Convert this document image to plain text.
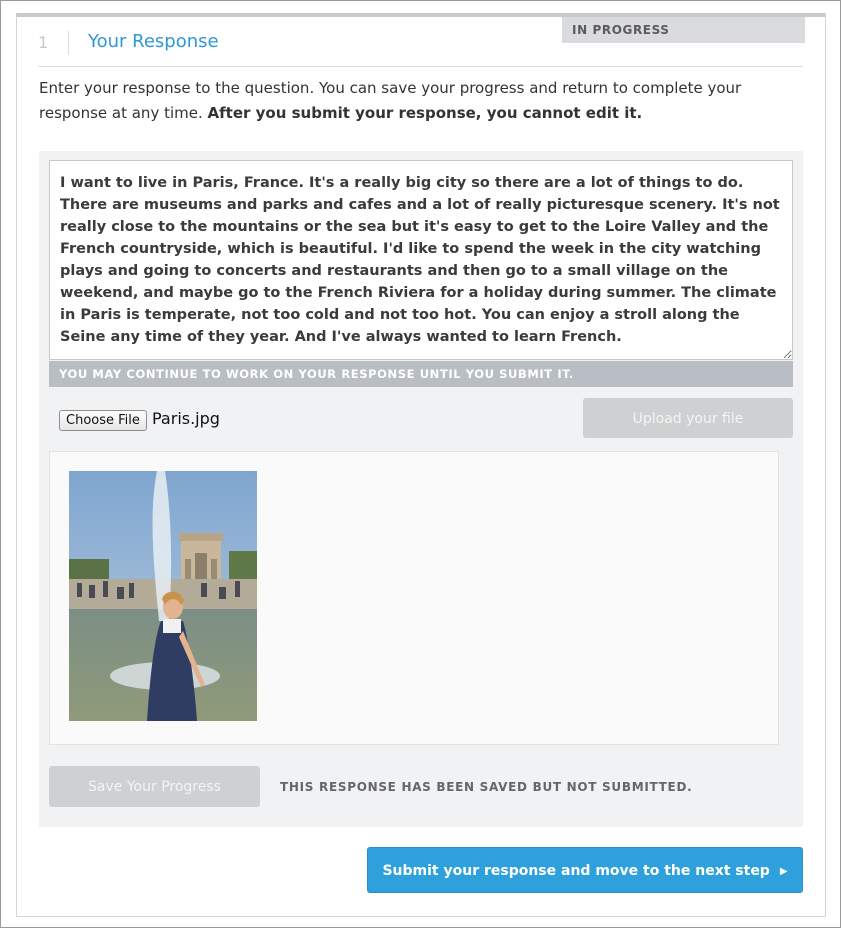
IN PROGRESS
1	Your Response
Enter your response to the question. You can save your progress and return to complete your response at any time. After you submit your response, you cannot edit it.
I want to live in Paris, France. It's a really big city so there are a lot of things to do. There are museums and parks and cafes and a lot of really picturesque scenery. It's not really close to the mountains or the sea but it's easy to get to the Loire Valley and the French countryside, which is beautiful. I'd like to spend the week in the city watching plays and going to concerts and restaurants and then go to a small village on the weekend, and maybe go to the French Riviera for a holiday during summer. The climate in Paris is temperate, not too cold and not too hot. You can enjoy a stroll along the Seine any time of they year. And I've always wanted to learn French.
YOU MAY CONTINUE TO WORK ON YOUR RESPONSE UNTIL YOU SUBMIT IT.
Choose File Paris.jpg	Upload your file
Save Your Progress	THIS RESPONSE HAS BEEN SAVED BUT NOT SUBMITTED.
Submit your response and move to the next step ▶
